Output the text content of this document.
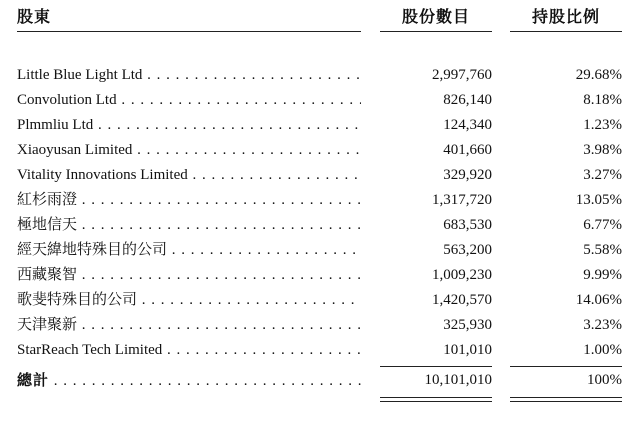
股東	股份數目	持股比例
Little Blue Light Ltd . . .	2,997,760	29.68%
Convolution Ltd . . .	826,140	8.18%
Plmmliu Ltd . . .	124,340	1.23%
Xiaoyusan Limited . . .	401,660	3.98%
Vitality Innovations Limited . . .	329,920	3.27%
紅杉雨澄 . . .	1,317,720	13.05%
極地信天 . . .	683,530	6.77%
經天緯地特殊目的公司 . . .	563,200	5.58%
西藏聚智 . . .	1,009,230	9.99%
歌斐特殊目的公司 . . .	1,420,570	14.06%
天津聚新 . . .	325,930	3.23%
StarReach Tech Limited . . .	101,010	1.00%
總計 . . .	10,101,010	100%
